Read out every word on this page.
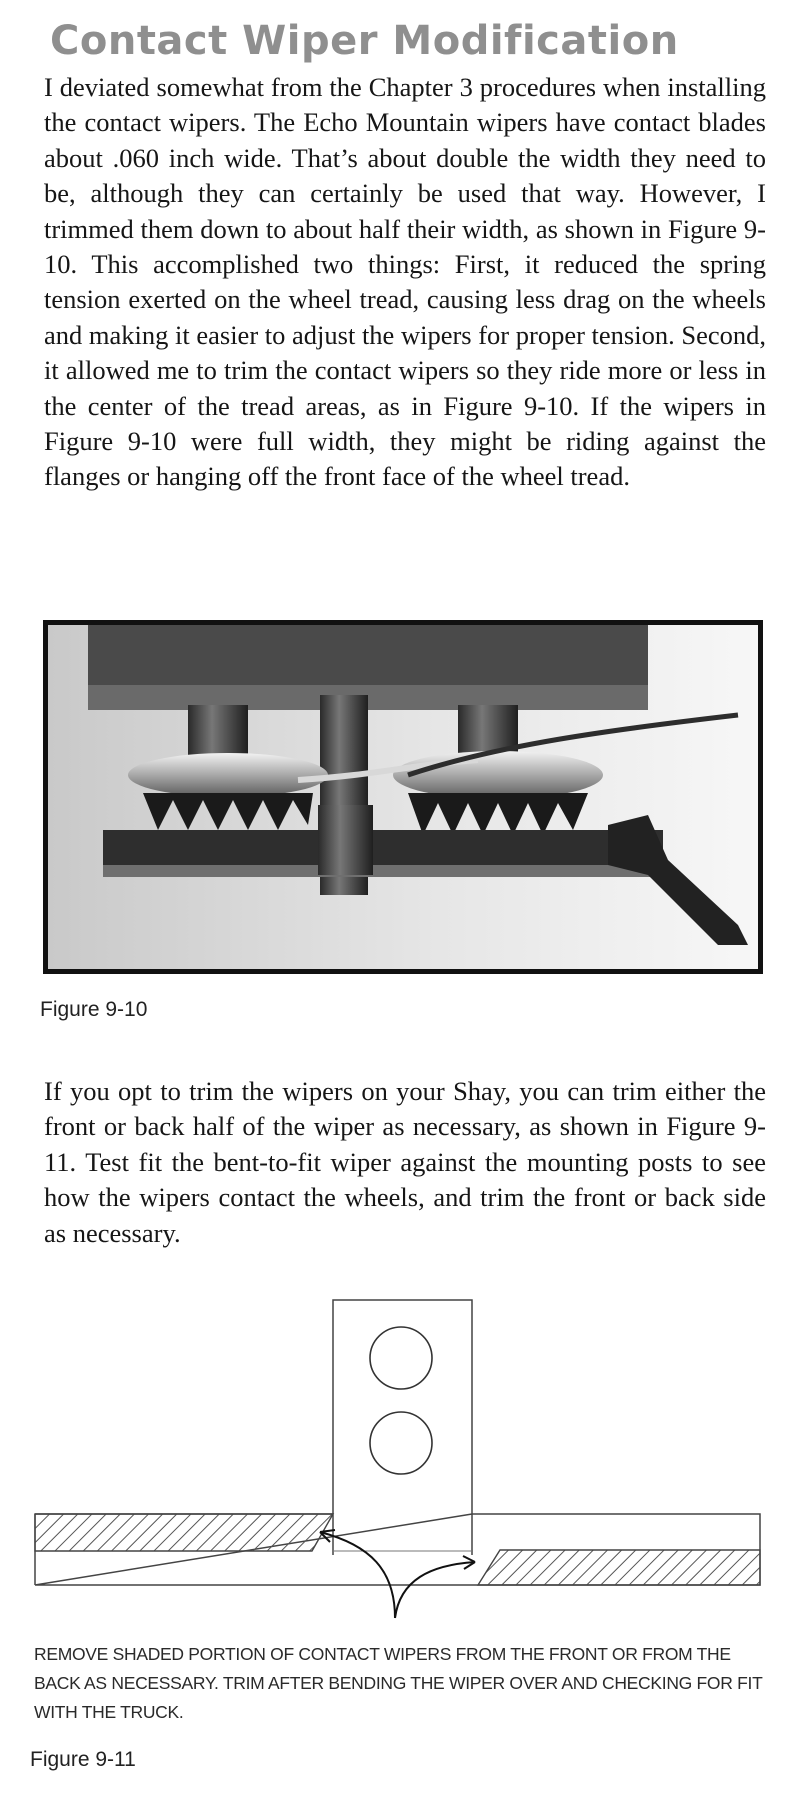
Contact Wiper Modification

I deviated somewhat from the Chapter 3 procedures when installing the contact wipers. The Echo Mountain wipers have contact blades about .060 inch wide. That’s about double the width they need to be, although they can certainly be used that way. However, I trimmed them down to about half their width, as shown in Figure 9-10. This accomplished two things: First, it reduced the spring tension exerted on the wheel tread, causing less drag on the wheels and making it easier to adjust the wipers for proper tension. Second, it allowed me to trim the contact wipers so they ride more or less in the center of the tread areas, as in Figure 9-10. If the wipers in Figure 9-10 were full width, they might be riding against the flanges or hanging off the front face of the wheel tread.

Figure 9-10

If you opt to trim the wipers on your Shay, you can trim either the front or back half of the wiper as necessary, as shown in Figure 9-11. Test fit the bent-to-fit wiper against the mounting posts to see how the wipers contact the wheels, and trim the front or back side as necessary.

REMOVE SHADED PORTION OF CONTACT WIPERS FROM THE FRONT OR FROM THE BACK AS NECESSARY. TRIM AFTER BENDING THE WIPER OVER AND CHECKING FOR FIT WITH THE TRUCK.

Figure 9-11
